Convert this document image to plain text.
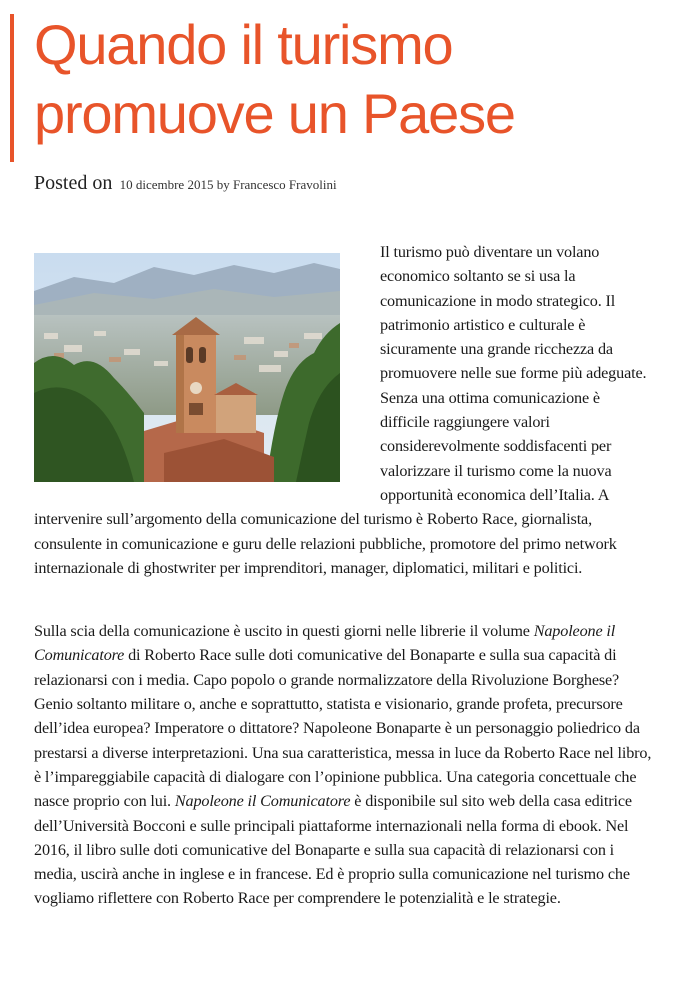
Quando il turismo promuove un Paese
Posted on 10 dicembre 2015 by Francesco Fravolini

Il turismo può diventare un volano economico soltanto se si usa la comunicazione in modo strategico. Il patrimonio artistico e culturale è sicuramente una grande ricchezza da promuovere nelle sue forme più adeguate. Senza una ottima comunicazione è difficile raggiungere valori considerevolmente soddisfacenti per valorizzare il turismo come la nuova opportunità economica dell’Italia. A intervenire sull’argomento della comunicazione del turismo è Roberto Race, giornalista, consulente in comunicazione e guru delle relazioni pubbliche, promotore del primo network internazionale di ghostwriter per imprenditori, manager, diplomatici, militari e politici.

Sulla scia della comunicazione è uscito in questi giorni nelle librerie il volume Napoleone il Comunicatore di Roberto Race sulle doti comunicative del Bonaparte e sulla sua capacità di relazionarsi con i media. Capo popolo o grande normalizzatore della Rivoluzione Borghese? Genio soltanto militare o, anche e soprattutto, statista e visionario, grande profeta, precursore dell’idea europea? Imperatore o dittatore? Napoleone Bonaparte è un personaggio poliedrico da prestarsi a diverse interpretazioni. Una sua caratteristica, messa in luce da Roberto Race nel libro, è l’impareggiabile capacità di dialogare con l’opinione pubblica. Una categoria concettuale che nasce proprio con lui. Napoleone il Comunicatore è disponibile sul sito web della casa editrice dell’Università Bocconi e sulle principali piattaforme internazionali nella forma di ebook. Nel 2016, il libro sulle doti comunicative del Bonaparte e sulla sua capacità di relazionarsi con i media, uscirà anche in inglese e in francese. Ed è proprio sulla comunicazione nel turismo che vogliamo riflettere con Roberto Race per comprendere le potenzialità e le strategie.
